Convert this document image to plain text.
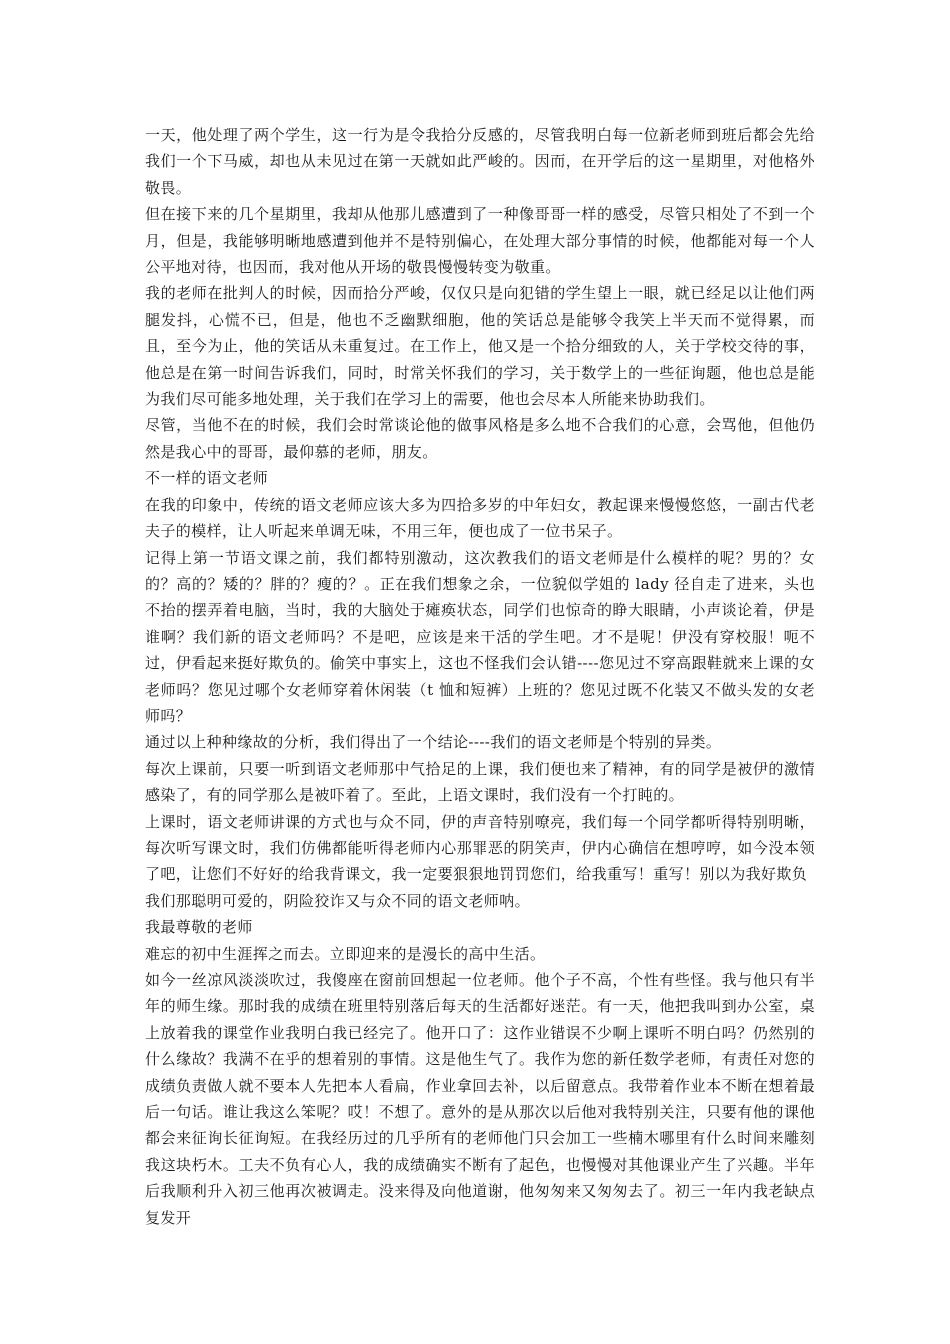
一天，他处理了两个学生，这一行为是令我拾分反感的，尽管我明白每一位新老师到班后都会先给我们一个下马威，却也从未见过在第一天就如此严峻的。因而，在开学后的这一星期里，对他格外敬畏。

但在接下来的几个星期里，我却从他那儿感遭到了一种像哥哥一样的感受，尽管只相处了不到一个月，但是，我能够明晰地感遭到他并不是特别偏心，在处理大部分事情的时候，他都能对每一个人公平地对待，也因而，我对他从开场的敬畏慢慢转变为敬重。

我的老师在批判人的时候，因而拾分严峻，仅仅只是向犯错的学生望上一眼，就已经足以让他们两腿发抖，心慌不已，但是，他也不乏幽默细胞，他的笑话总是能够令我笑上半天而不觉得累，而且，至今为止，他的笑话从未重复过。在工作上，他又是一个拾分细致的人，关于学校交待的事，他总是在第一时间告诉我们，同时，时常关怀我们的学习，关于数学上的一些征询题，他也总是能为我们尽可能多地处理，关于我们在学习上的需要，他也会尽本人所能来协助我们。

尽管，当他不在的时候，我们会时常谈论他的做事风格是多么地不合我们的心意，会骂他，但他仍然是我心中的哥哥，最仰慕的老师，朋友。

不一样的语文老师

在我的印象中，传统的语文老师应该大多为四拾多岁的中年妇女，教起课来慢慢悠悠，一副古代老夫子的模样，让人听起来单调无味，不用三年，便也成了一位书呆子。

记得上第一节语文课之前，我们都特别激动，这次教我们的语文老师是什么模样的呢？男的？女的？高的？矮的？胖的？瘦的？。正在我们想象之余，一位貌似学姐的 lady 径自走了进来，头也不抬的摆弄着电脑，当时，我的大脑处于瘫痪状态，同学们也惊奇的睁大眼睛，小声谈论着，伊是谁啊？我们新的语文老师吗？不是吧，应该是来干活的学生吧。才不是呢！伊没有穿校服！呃不过，伊看起来挺好欺负的。偷笑中事实上，这也不怪我们会认错----您见过不穿高跟鞋就来上课的女老师吗？您见过哪个女老师穿着休闲装（t 恤和短裤）上班的？您见过既不化装又不做头发的女老师吗？

通过以上种种缘故的分析，我们得出了一个结论----我们的语文老师是个特别的异类。

每次上课前，只要一听到语文老师那中气拾足的上课，我们便也来了精神，有的同学是被伊的激情感染了，有的同学那么是被吓着了。至此，上语文课时，我们没有一个打盹的。

上课时，语文老师讲课的方式也与众不同，伊的声音特别嘹亮，我们每一个同学都听得特别明晰，每次听写课文时，我们仿佛都能听得老师内心那罪恶的阴笑声，伊内心确信在想哼哼，如今没本领了吧，让您们不好好的给我背课文，我一定要狠狠地罚罚您们，给我重写！重写！别以为我好欺负

我们那聪明可爱的，阴险狡诈又与众不同的语文老师呐。

我最尊敬的老师

难忘的初中生涯挥之而去。立即迎来的是漫长的高中生活。

如今一丝凉风淡淡吹过，我傻座在窗前回想起一位老师。他个子不高，个性有些怪。我与他只有半年的师生缘。那时我的成绩在班里特别落后每天的生活都好迷茫。有一天，他把我叫到办公室，桌上放着我的课堂作业我明白我已经完了。他开口了：这作业错误不少啊上课听不明白吗？仍然别的什么缘故？我满不在乎的想着别的事情。这是他生气了。我作为您的新任数学老师，有责任对您的成绩负责做人就不要本人先把本人看扁，作业拿回去补，以后留意点。我带着作业本不断在想着最后一句话。谁让我这么笨呢？哎！不想了。意外的是从那次以后他对我特别关注，只要有他的课他都会来征询长征询短。在我经历过的几乎所有的老师他门只会加工一些楠木哪里有什么时间来雕刻我这块朽木。工夫不负有心人，我的成绩确实不断有了起色，也慢慢对其他课业产生了兴趣。半年后我顺利升入初三他再次被调走。没来得及向他道谢，他匆匆来又匆匆去了。初三一年内我老缺点复发开
